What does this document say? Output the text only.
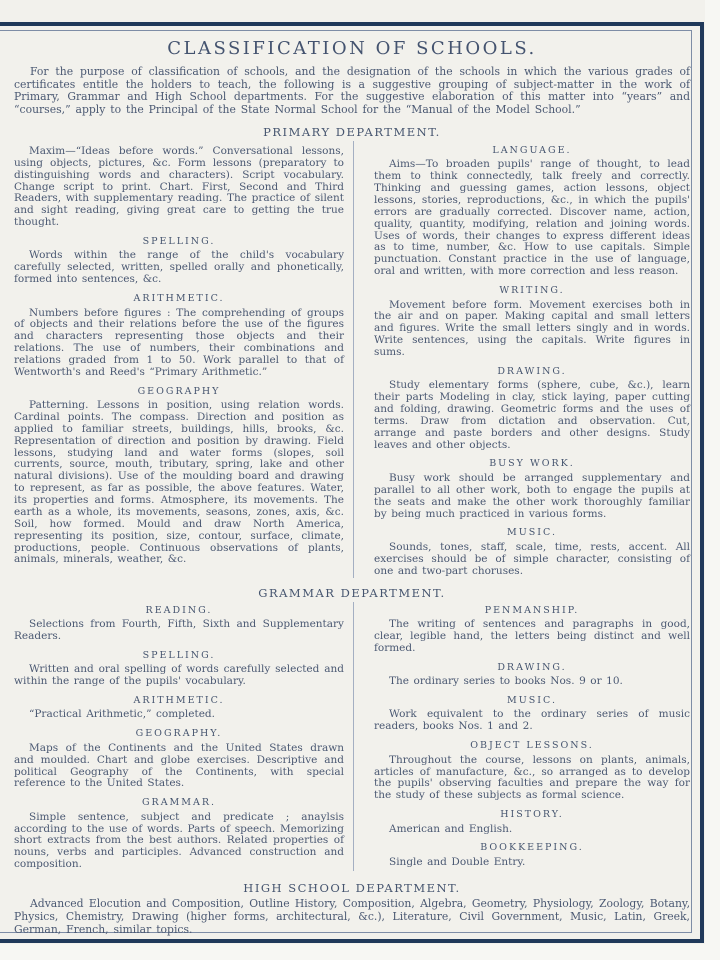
CLASSIFICATION OF SCHOOLS.

For the purpose of classification of schools, and the designation of the schools in which the various grades of certificates entitle the holders to teach, the following is a suggestive grouping of subject-matter in the work of Primary, Grammar and High School departments. For the suggestive elaboration of this matter into “years” and “courses,” apply to the Principal of the State Normal School for the “Manual of the Model School.”

PRIMARY DEPARTMENT.

Maxim—“Ideas before words.” Conversational lessons, using objects, pictures, &c. Form lessons (preparatory to distinguishing words and characters). Script vocabulary. Change script to print. Chart. First, Second and Third Readers, with supplementary reading. The practice of silent and sight reading, giving great care to getting the true thought.

SPELLING.

Words within the range of the child's vocabulary carefully selected, written, spelled orally and phonetically, formed into sentences, &c.

ARITHMETIC.

Numbers before figures : The comprehending of groups of objects and their relations before the use of the figures and characters representing those objects and their relations. The use of numbers, their combinations and relations graded from 1 to 50. Work parallel to that of Wentworth's and Reed's “Primary Arithmetic.”

GEOGRAPHY

Patterning. Lessons in position, using relation words. Cardinal points. The compass. Direction and position as applied to familiar streets, buildings, hills, brooks, &c. Representation of direction and position by drawing. Field lessons, studying land and water forms (slopes, soil currents, source, mouth, tributary, spring, lake and other natural divisions). Use of the moulding board and drawing to represent, as far as possible, the above features. Water, its properties and forms. Atmosphere, its movements. The earth as a whole, its movements, seasons, zones, axis, &c. Soil, how formed. Mould and draw North America, representing its position, size, contour, surface, climate, productions, people. Continuous observations of plants, animals, minerals, weather, &c.

LANGUAGE.

Aims—To broaden pupils' range of thought, to lead them to think connectedly, talk freely and correctly. Thinking and guessing games, action lessons, object lessons, stories, reproductions, &c., in which the pupils' errors are gradually corrected. Discover name, action, quality, quantity, modifying, relation and joining words. Uses of words, their changes to express different ideas as to time, number, &c. How to use capitals. Simple punctuation. Constant practice in the use of language, oral and written, with more correction and less reason.

WRITING.

Movement before form. Movement exercises both in the air and on paper. Making capital and small letters and figures. Write the small letters singly and in words. Write sentences, using the capitals. Write figures in sums.

DRAWING.

Study elementary forms (sphere, cube, &c.), learn their parts Modeling in clay, stick laying, paper cutting and folding, drawing. Geometric forms and the uses of terms. Draw from dictation and observation. Cut, arrange and paste borders and other designs. Study leaves and other objects.

BUSY WORK.

Busy work should be arranged supplementary and parallel to all other work, both to engage the pupils at the seats and make the other work thoroughly familiar by being much practiced in various forms.

MUSIC.

Sounds, tones, staff, scale, time, rests, accent. All exercises should be of simple character, consisting of one and two-part choruses.

GRAMMAR DEPARTMENT.
READING.

Selections from Fourth, Fifth, Sixth and Supplementary Readers.

SPELLING.

Written and oral spelling of words carefully selected and within the range of the pupils' vocabulary.

ARITHMETIC.

“Practical Arithmetic,” completed.

GEOGRAPHY.

Maps of the Continents and the United States drawn and moulded. Chart and globe exercises. Descriptive and political Geography of the Continents, with special reference to the United States.

GRAMMAR.

Simple sentence, subject and predicate ; anaylsis according to the use of words. Parts of speech. Memorizing short extracts from the best authors. Related properties of nouns, verbs and participles. Advanced construction and composition.

PENMANSHIP.

The writing of sentences and paragraphs in good, clear, legible hand, the letters being distinct and well formed.

DRAWING.

The ordinary series to books Nos. 9 or 10.

MUSIC.

Work equivalent to the ordinary series of music readers, books Nos. 1 and 2.

OBJECT LESSONS.

Throughout the course, lessons on plants, animals, articles of manufacture, &c., so arranged as to develop the pupils' observing faculties and prepare the way for the study of these subjects as formal science.

HISTORY.

American and English.

BOOKKEEPING.

Single and Double Entry.

HIGH SCHOOL DEPARTMENT.

Advanced Elocution and Composition, Outline History, Composition, Algebra, Geometry, Physiology, Zoology, Botany, Physics, Chemistry, Drawing (higher forms, architectural, &c.), Literature, Civil Government, Music, Latin, Greek, German, French, similar topics.
